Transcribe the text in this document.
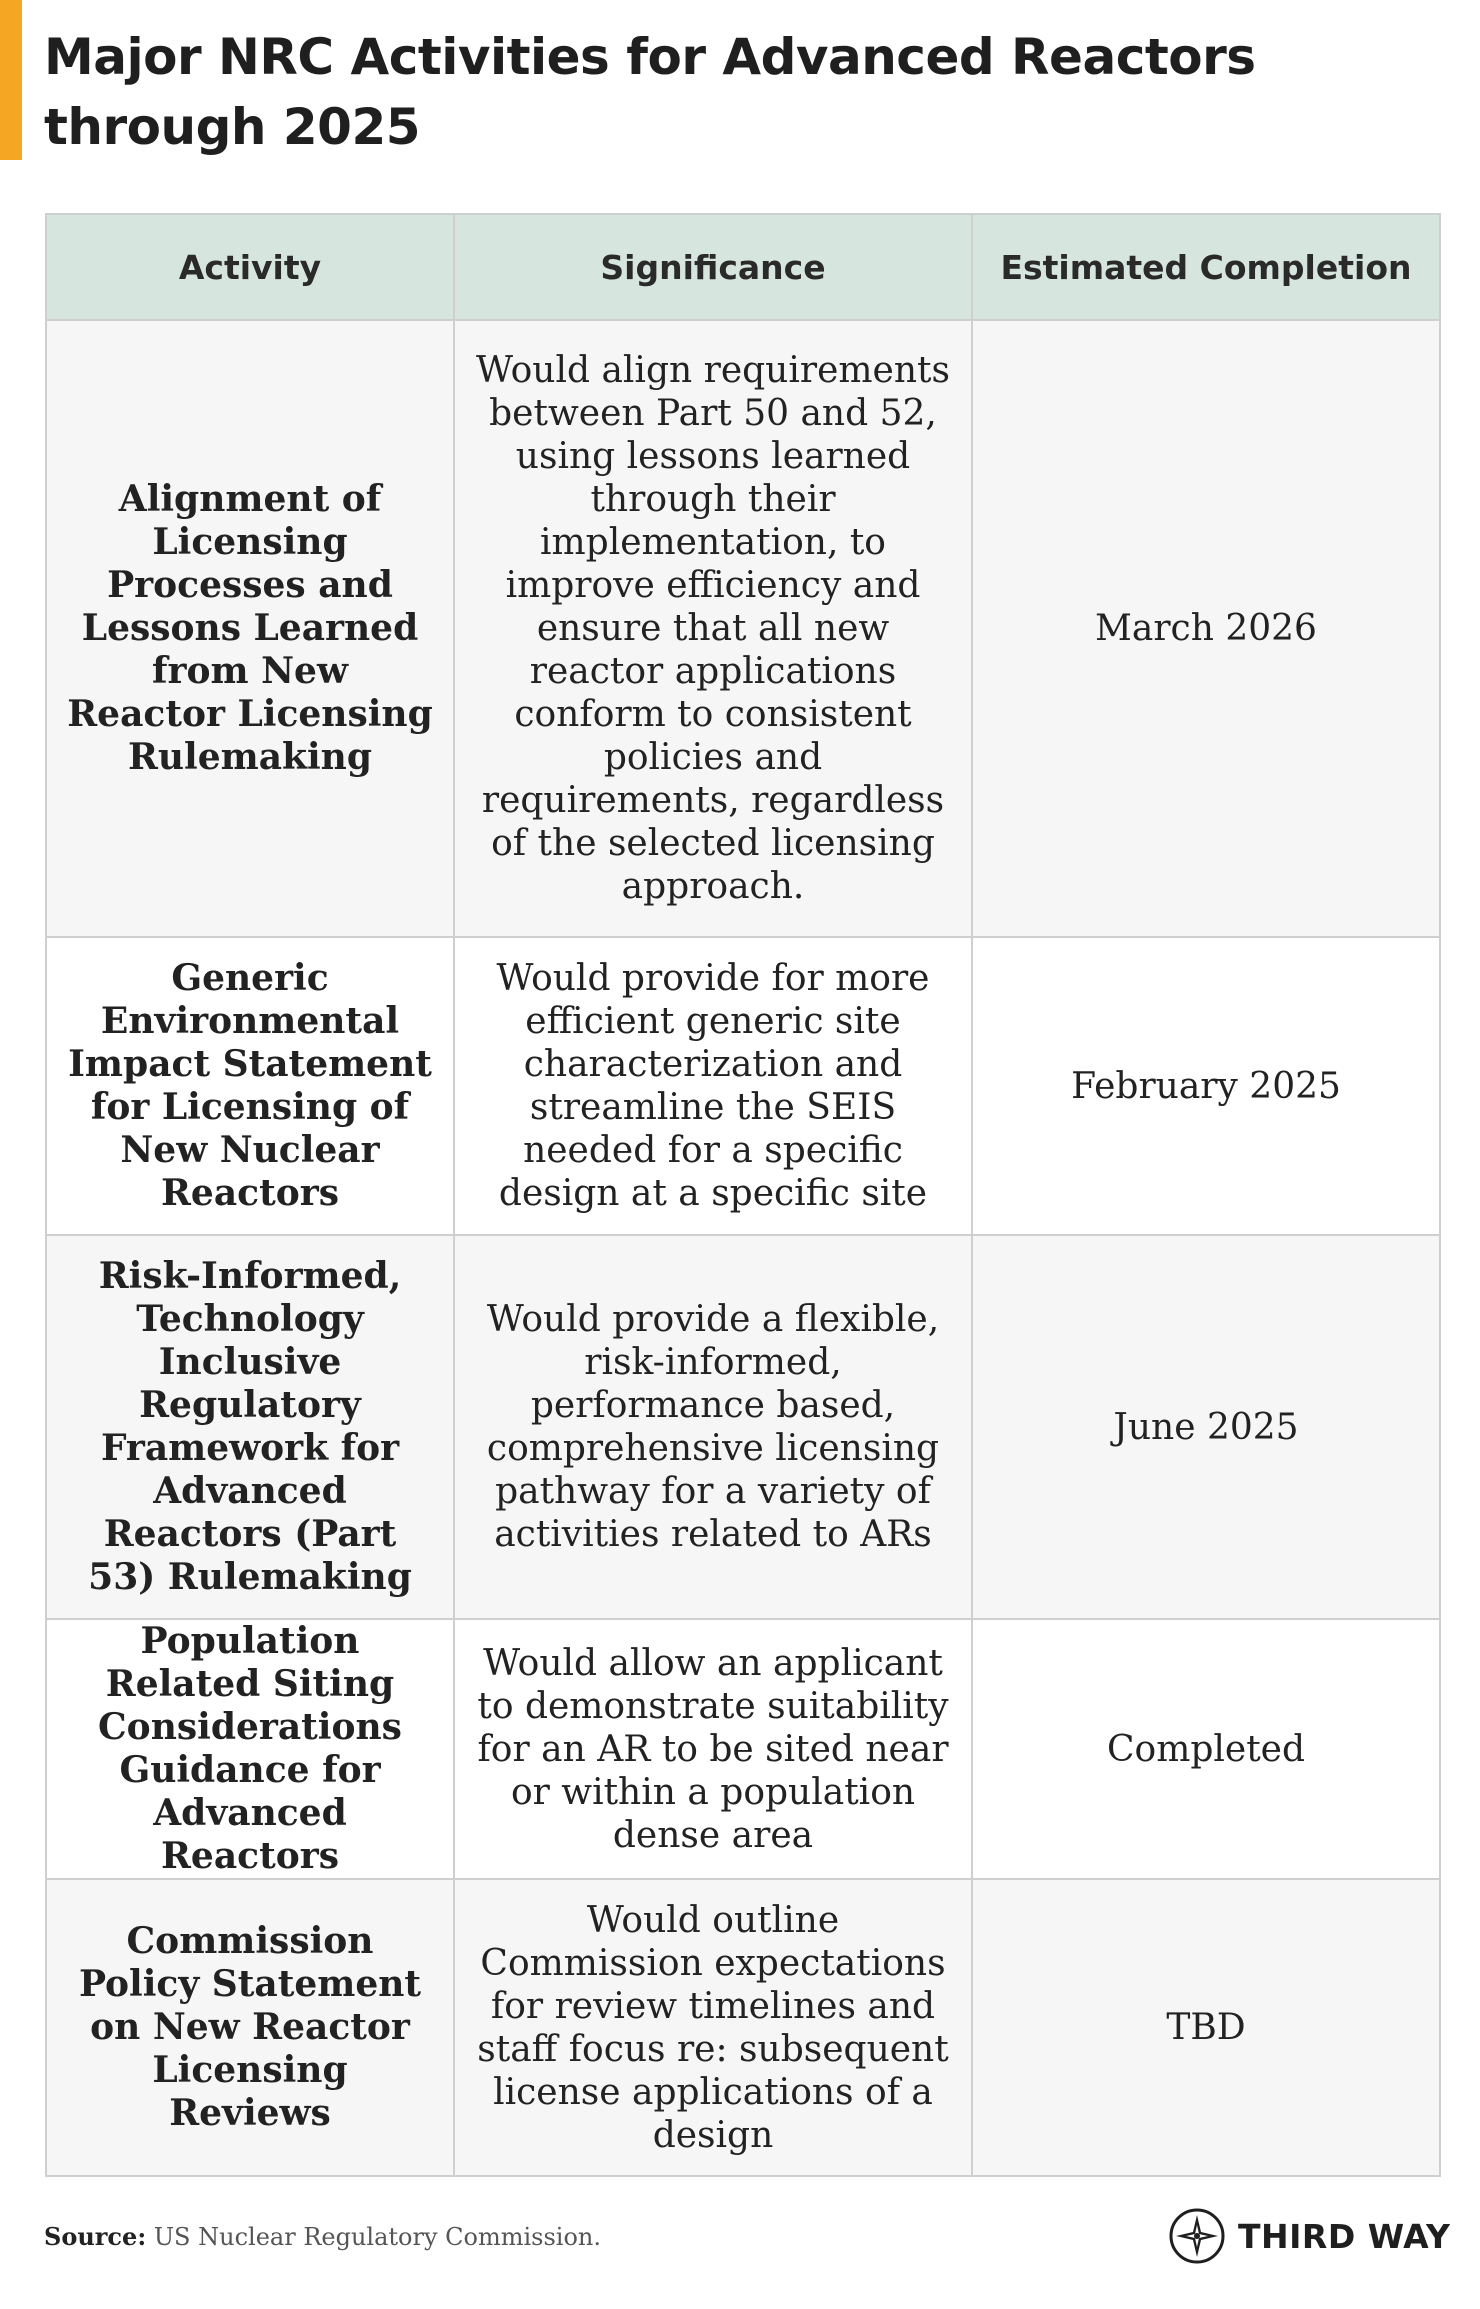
Major NRC Activities for Advanced Reactors through 2025
Activity	Significance	Estimated Completion
Alignment of Licensing Processes and Lessons Learned from New Reactor Licensing Rulemaking	Would align requirements between Part 50 and 52, using lessons learned through their implementation, to improve efficiency and ensure that all new reactor applications conform to consistent policies and requirements, regardless of the selected licensing approach.	March 2026
Generic Environmental Impact Statement for Licensing of New Nuclear Reactors	Would provide for more efficient generic site characterization and streamline the SEIS needed for a specific design at a specific site	February 2025
Risk-Informed, Technology Inclusive Regulatory Framework for Advanced Reactors (Part 53) Rulemaking	Would provide a flexible, risk-informed, performance based, comprehensive licensing pathway for a variety of activities related to ARs	June 2025
Population Related Siting Considerations Guidance for Advanced Reactors	Would allow an applicant to demonstrate suitability for an AR to be sited near or within a population dense area	Completed
Commission Policy Statement on New Reactor Licensing Reviews	Would outline Commission expectations for review timelines and staff focus re: subsequent license applications of a design	TBD
Source: US Nuclear Regulatory Commission.	THIRD WAY
